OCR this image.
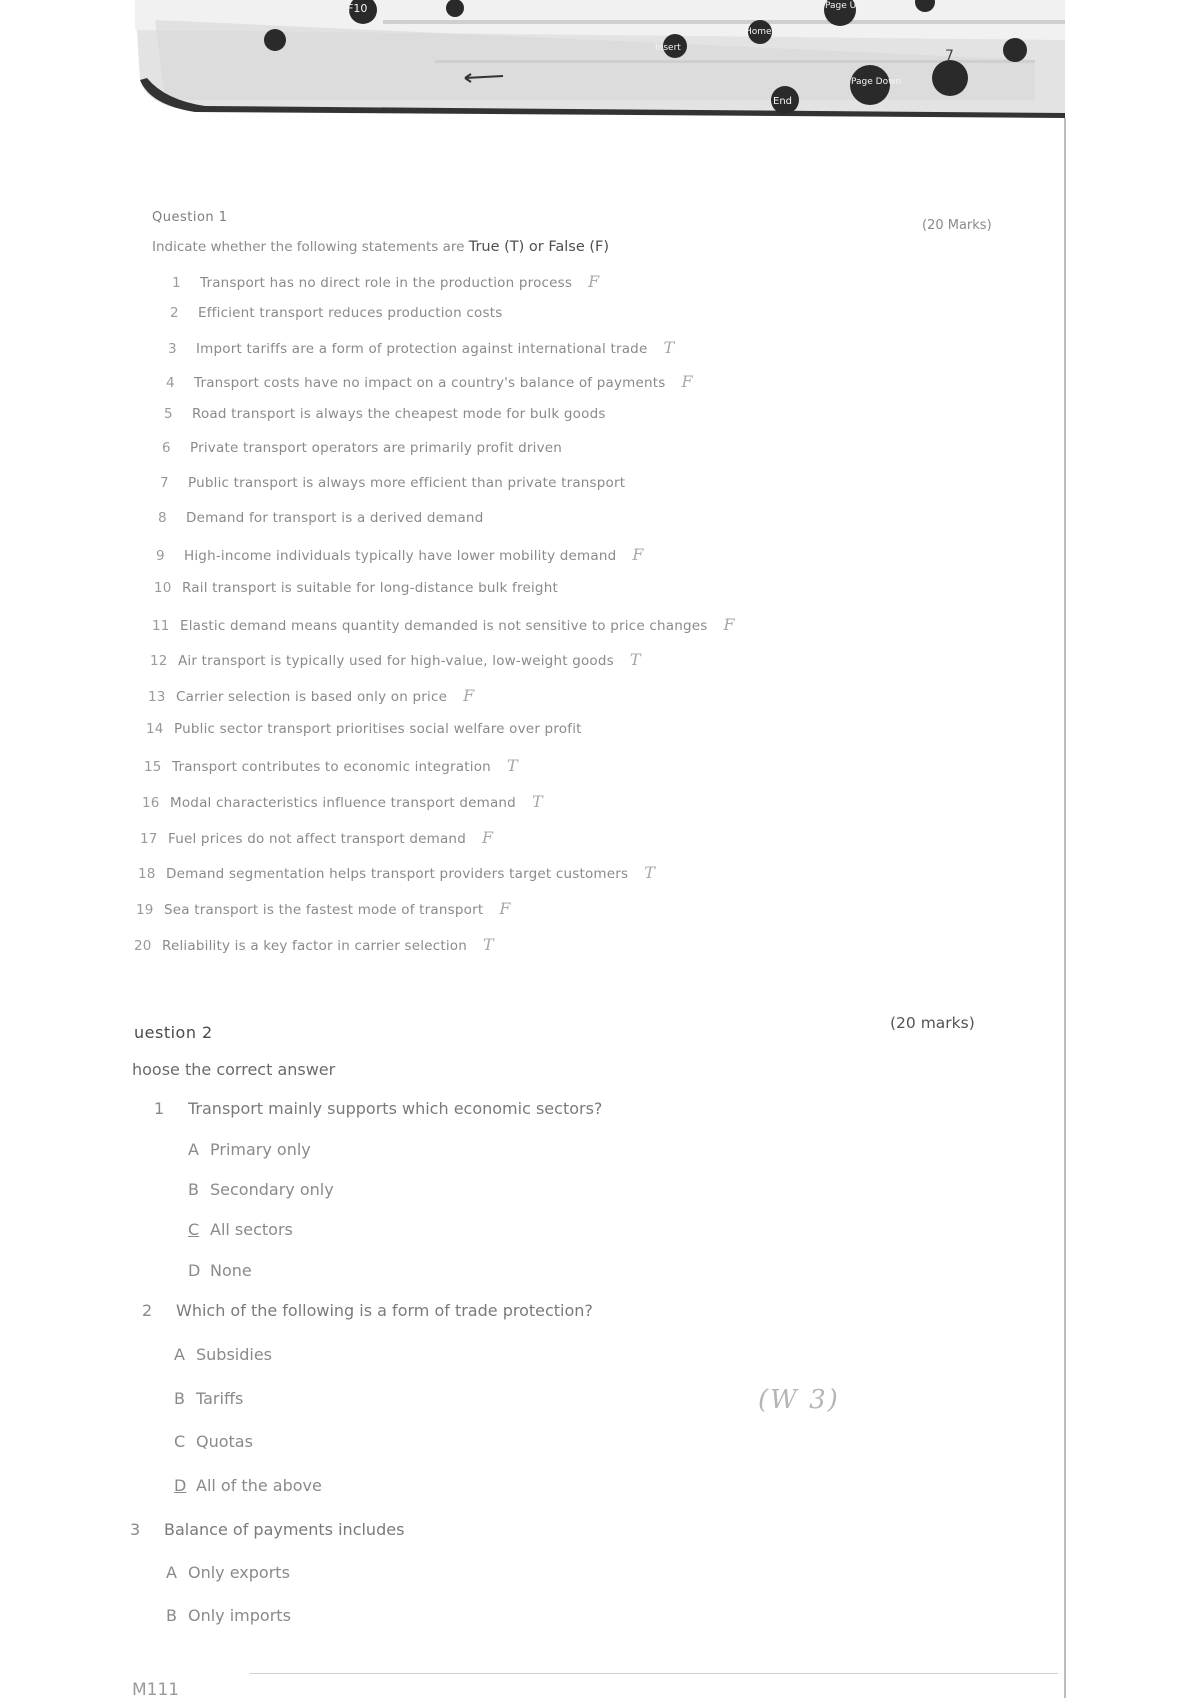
F10
Insert
Home
Page Up
End
Page Down
7
Question 1
(20 Marks)
Indicate whether the following statements are True (T) or False (F)
1 Transport has no direct role in the production process F
2 Efficient transport reduces production costs
3 Import tariffs are a form of protection against international trade T
4 Transport costs have no impact on a country's balance of payments F
5 Road transport is always the cheapest mode for bulk goods
6 Private transport operators are primarily profit driven
7 Public transport is always more efficient than private transport
8 Demand for transport is a derived demand
9 High-income individuals typically have lower mobility demand F
10 Rail transport is suitable for long-distance bulk freight
11 Elastic demand means quantity demanded is not sensitive to price changes F
12 Air transport is typically used for high-value, low-weight goods T
13 Carrier selection is based only on price F
14 Public sector transport prioritises social welfare over profit
15 Transport contributes to economic integration T
16 Modal characteristics influence transport demand T
17 Fuel prices do not affect transport demand F
18 Demand segmentation helps transport providers target customers T
19 Sea transport is the fastest mode of transport F
20 Reliability is a key factor in carrier selection T
uestion 2	(20 marks)
hoose the correct answer
1 Transport mainly supports which economic sectors?
A Primary only
B Secondary only
C All sectors
D None
2 Which of the following is a form of trade protection?
A Subsidies
B Tariffs
C Quotas
D All of the above
3 Balance of payments includes
A Only exports
B Only imports
(W 3)
M111
